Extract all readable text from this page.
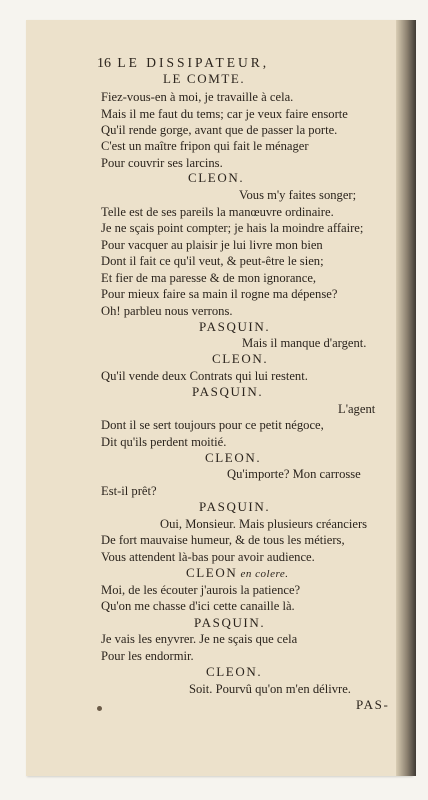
16 LE DISSIPATEUR,
LE COMTE.
Fiez-vous-en à moi, je travaille à cela.
Mais il me faut du tems; car je veux faire ensorte
Qu'il rende gorge, avant que de passer la porte.
C'est un maître fripon qui fait le ménager
Pour couvrir ses larcins.
CLEON.
Vous m'y faites songer;
Telle est de ses pareils la manœuvre ordinaire.
Je ne sçais point compter; je hais la moindre affaire;
Pour vacquer au plaisir je lui livre mon bien
Dont il fait ce qu'il veut, & peut-être le sien;
Et fier de ma paresse & de mon ignorance,
Pour mieux faire sa main il rogne ma dépense?
Oh! parbleu nous verrons.
PASQUIN.
Mais il manque d'argent.
CLEON.
Qu'il vende deux Contrats qui lui restent.
PASQUIN.
L'agent
Dont il se sert toujours pour ce petit négoce,
Dit qu'ils perdent moitié.
CLEON.
Qu'importe? Mon carrosse
Est-il prêt?
PASQUIN.
Oui, Monsieur. Mais plusieurs créanciers
De fort mauvaise humeur, & de tous les métiers,
Vous attendent là-bas pour avoir audience.
CLEON en colere.
Moi, de les écouter j'aurois la patience?
Qu'on me chasse d'ici cette canaille là.
PASQUIN.
Je vais les enyvrer. Je ne sçais que cela
Pour les endormir.
CLEON.
Soit. Pourvû qu'on m'en délivre.
PAS-
